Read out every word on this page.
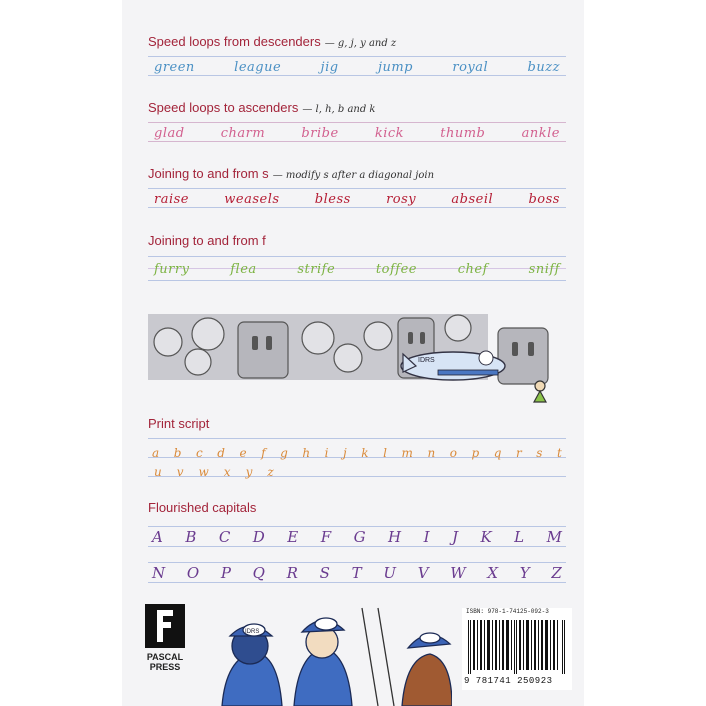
Speed loops from descenders — g, j, y and z
green	league	jig	jump	royal	buzz
Speed loops to ascenders — l, h, b and k
glad	charm	bribe	kick	thumb	ankle
Joining to and from s — modify s after a diagonal join
raise	weasels	bless	rosy	abseil	boss
Joining to and from f
furry	flea	strife	toffee	chef	sniff
IDRS
Print script
a b c d e f g h i j k l m n o p q r s t
u v w x y z
Flourished capitals
A B C D E F G H I J K L M
N O P Q R S T U V W X Y Z
PASCAL
PRESS
IDRS
ISBN: 978-1-74125-092-3
9 781741 250923
